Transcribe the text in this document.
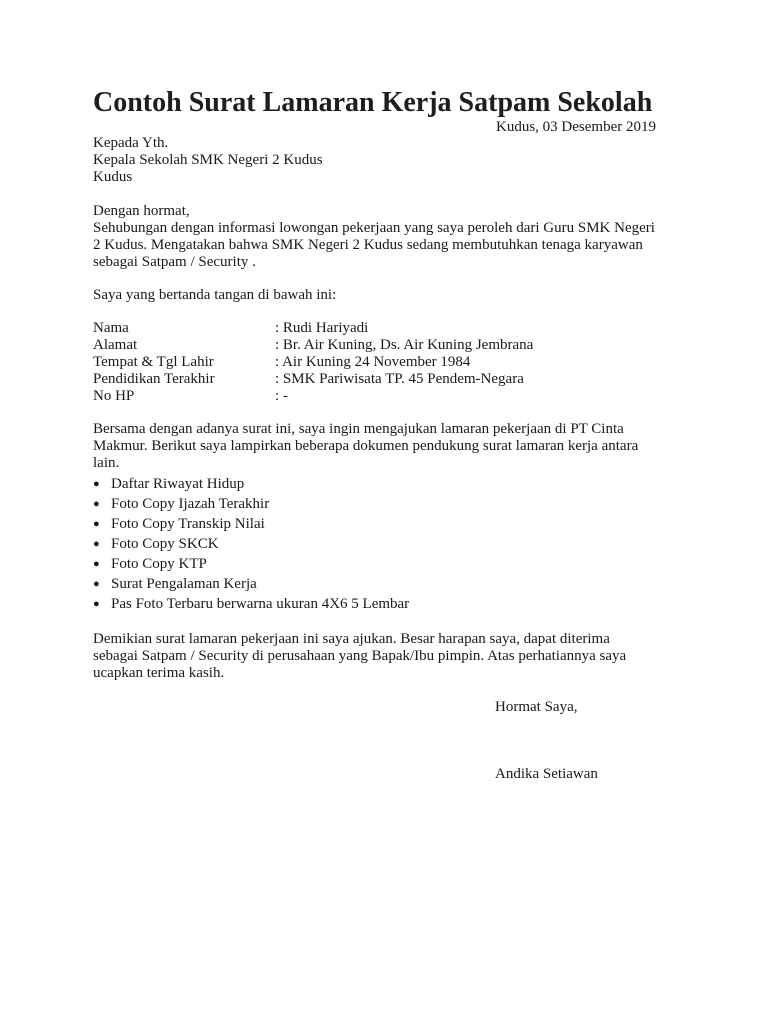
Contoh Surat Lamaran Kerja Satpam Sekolah
Kudus, 03 Desember 2019
Kepada Yth.
Kepala Sekolah SMK Negeri 2 Kudus
Kudus
Dengan hormat,
Sehubungan dengan informasi lowongan pekerjaan yang saya peroleh dari Guru SMK Negeri
2 Kudus. Mengatakan bahwa SMK Negeri 2 Kudus sedang membutuhkan tenaga karyawan
sebagai Satpam / Security .
Saya yang bertanda tangan di bawah ini:
Nama	: Rudi Hariyadi
Alamat	: Br. Air Kuning, Ds. Air Kuning Jembrana
Tempat & Tgl Lahir	: Air Kuning 24 November 1984
Pendidikan Terakhir	: SMK Pariwisata TP. 45 Pendem-Negara
No HP	: -
Bersama dengan adanya surat ini, saya ingin mengajukan lamaran pekerjaan di PT Cinta
Makmur. Berikut saya lampirkan beberapa dokumen pendukung surat lamaran kerja antara
lain.
● Daftar Riwayat Hidup
● Foto Copy Ijazah Terakhir
● Foto Copy Transkip Nilai
● Foto Copy SKCK
● Foto Copy KTP
● Surat Pengalaman Kerja
● Pas Foto Terbaru berwarna ukuran 4X6 5 Lembar
Demikian surat lamaran pekerjaan ini saya ajukan. Besar harapan saya, dapat diterima
sebagai Satpam / Security di perusahaan yang Bapak/Ibu pimpin. Atas perhatiannya saya
ucapkan terima kasih.
Hormat Saya,
Andika Setiawan
